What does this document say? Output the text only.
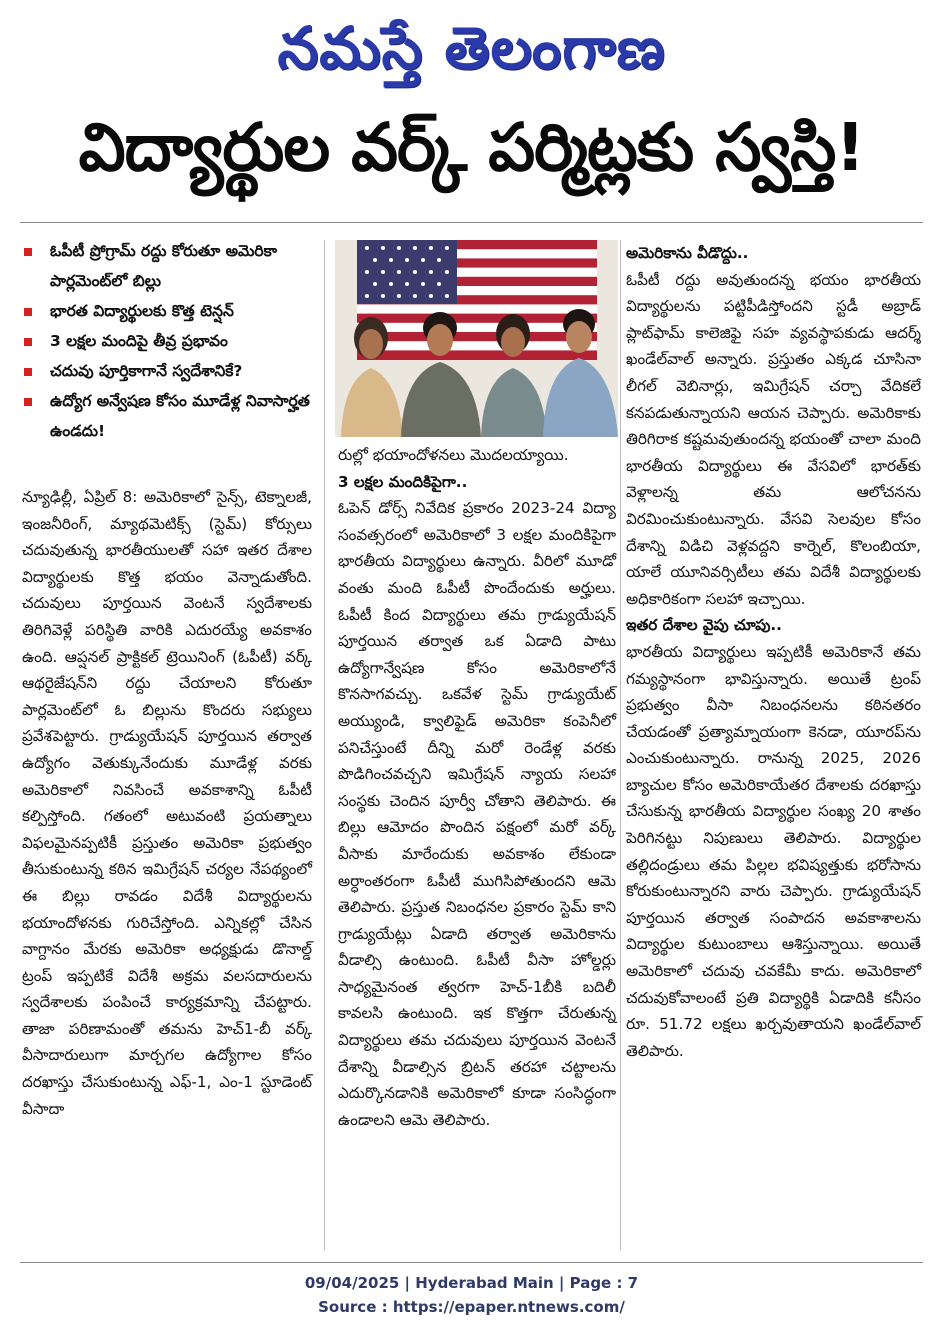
నమస్తే తెలంగాణ
విద్యార్థుల వర్క్‌ పర్మిట్లకు స్వస్తి!
ఓపీటీ ప్రోగ్రామ్‌ రద్దు కోరుతూ అమెరికా పార్లమెంట్‌లో బిల్లు
భారత విద్యార్థులకు కొత్త టెన్షన్‌
3 లక్షల మందిపై తీవ్ర ప్రభావం
చదువు పూర్తికాగానే స్వదేశానికే?
ఉద్యోగ అన్వేషణ కోసం మూడేళ్ల నివాసార్హత ఉండదు!

న్యూఢిల్లీ, ఏప్రిల్‌ 8: అమెరికాలో సైన్స్‌, టెక్నాలజీ, ఇంజనీరింగ్‌, మ్యాథమెటిక్స్‌ (స్టెమ్‌) కోర్సులు చదువుతున్న భారతీయులతో సహా ఇతర దేశాల విద్యార్థులకు కొత్త భయం వెన్నాడుతోంది. చదువులు పూర్తయిన వెంటనే స్వదేశాలకు తిరిగివెళ్లే పరిస్థితి వారికి ఎదురయ్యే అవకాశం ఉంది. ఆప్షనల్‌ ప్రాక్టికల్‌ ట్రెయినింగ్‌ (ఓపీటీ) వర్క్‌ ఆథరైజేషన్‌ని రద్దు చేయాలని కోరుతూ పార్లమెంట్‌లో ఓ బిల్లును కొందరు సభ్యులు ప్రవేశపెట్టారు. గ్రాడ్యుయేషన్‌ పూర్తయిన తర్వాత ఉద్యోగం వెతుక్కునేందుకు మూడేళ్ల వరకు అమెరికాలో నివసించే అవకాశాన్ని ఓపీటీ కల్పిస్తోంది. గతంలో అటువంటి ప్రయత్నాలు విఫలమైనప్పటికీ ప్రస్తుతం అమెరికా ప్రభుత్వం తీసుకుంటున్న కఠిన ఇమిగ్రేషన్‌ చర్యల నేపథ్యంలో ఈ బిల్లు రావడం విదేశీ విద్యార్థులను భయాందోళనకు గురిచేస్తోంది. ఎన్నికల్లో చేసిన వాగ్దానం మేరకు అమెరికా అధ్యక్షుడు డొనాల్డ్‌ ట్రంప్‌ ఇప్పటికే విదేశీ అక్రమ వలసదారులను స్వదేశాలకు పంపించే కార్యక్రమాన్ని చేపట్టారు. తాజా పరిణామంతో తమను హెచ్‌1-బీ వర్క్‌ వీసాదారులుగా మార్చగల ఉద్యోగాల కోసం దరఖాస్తు చేసుకుంటున్న ఎఫ్‌-1, ఎం-1 స్టూడెంట్‌ వీసాదా

రుల్లో భయాందోళనలు మొదలయ్యాయి.

3 లక్షల మందికిపైగా..

ఓపెన్‌ డోర్స్‌ నివేదిక ప్రకారం 2023-24 విద్యా సంవత్సరంలో అమెరికాలో 3 లక్షల మందికిపైగా భారతీయ విద్యార్థులు ఉన్నారు. వీరిలో మూడో వంతు మంది ఓపీటీ పొందేందుకు అర్హులు. ఓపీటీ కింద విద్యార్థులు తమ గ్రాడ్యుయేషన్‌ పూర్తయిన తర్వాత ఒక ఏడాది పాటు ఉద్యోగాన్వేషణ కోసం అమెరికాలోనే కొనసాగవచ్చు. ఒకవేళ స్టెమ్‌ గ్రాడ్యుయేట్‌ అయ్యుండి, క్వాలిఫైడ్‌ అమెరికా కంపెనీలో పనిచేస్తుంటే దీన్ని మరో రెండేళ్ల వరకు పొడిగించవచ్చని ఇమిగ్రేషన్‌ న్యాయ సలహా సంస్థకు చెందిన పూర్వీ చోతాని తెలిపారు. ఈ బిల్లు ఆమోదం పొందిన పక్షంలో మరో వర్క్‌ వీసాకు మారేందుకు అవకాశం లేకుండా అర్ధాంతరంగా ఓపీటీ ముగిసిపోతుందని ఆమె తెలిపారు. ప్రస్తుత నిబంధనల ప్రకారం స్టెమ్‌ కాని గ్రాడ్యుయేట్లు ఏడాది తర్వాత అమెరికాను వీడాల్సి ఉంటుంది. ఓపీటీ వీసా హోల్డర్లు సాధ్యమైనంత త్వరగా హెచ్‌-1బీకి బదిలీ కావలసి ఉంటుంది. ఇక కొత్తగా చేరుతున్న విద్యార్థులు తమ చదువులు పూర్తయిన వెంటనే దేశాన్ని వీడాల్సిన బ్రిటన్‌ తరహా చట్టాలను ఎదుర్కొనడానికి అమెరికాలో కూడా సంసిద్ధంగా ఉండాలని ఆమె తెలిపారు.

అమెరికాను వీడొద్దు..

ఓపీటీ రద్దు అవుతుందన్న భయం భారతీయ విద్యార్థులను పట్టిపీడిస్తోందని స్టడీ అబ్రాడ్‌ ప్లాట్‌ఫామ్‌ కాలెజిఫై సహ వ్యవస్థాపకుడు ఆదర్శ్‌ ఖండేల్‌వాల్‌ అన్నారు. ప్రస్తుతం ఎక్కడ చూసినా లీగల్‌ వెబినార్లు, ఇమిగ్రేషన్‌ చర్చా వేదికలే కనపడుతున్నాయని ఆయన చెప్పారు. అమెరికాకు తిరిగిరాక కష్టమవుతుందన్న భయంతో చాలా మంది భారతీయ విద్యార్థులు ఈ వేసవిలో భారత్‌కు వెళ్లాలన్న తమ ఆలోచనను విరమించుకుంటున్నారు. వేసవి సెలవుల కోసం దేశాన్ని విడిచి వెళ్లవద్దని కార్నెల్‌, కొలంబియా, యాలే యూనివర్సిటీలు తమ విదేశీ విద్యార్థులకు అధికారికంగా సలహా ఇచ్చాయి.

ఇతర దేశాల వైపు చూపు..

భారతీయ విద్యార్థులు ఇప్పటికీ అమెరికానే తమ గమ్యస్థానంగా భావిస్తున్నారు. అయితే ట్రంప్‌ ప్రభుత్వం వీసా నిబంధనలను కఠినతరం చేయడంతో ప్రత్యామ్నాయంగా కెనడా, యూరప్‌ను ఎంచుకుంటున్నారు. రానున్న 2025, 2026 బ్యాచుల కోసం అమెరికాయేతర దేశాలకు దరఖాస్తు చేసుకున్న భారతీయ విద్యార్థుల సంఖ్య 20 శాతం పెరిగినట్టు నిపుణులు తెలిపారు. విద్యార్థుల తల్లిదండ్రులు తమ పిల్లల భవిష్యత్తుకు భరోసాను కోరుకుంటున్నారని వారు చెప్పారు. గ్రాడ్యుయేషన్‌ పూర్తయిన తర్వాత సంపాదన అవకాశాలను విద్యార్థుల కుటుంబాలు ఆశిస్తున్నాయి. అయితే అమెరికాలో చదువు చవకేమీ కాదు. అమెరికాలో చదువుకోవాలంటే ప్రతి విద్యార్థికి ఏడాదికి కనీసం రూ. 51.72 లక్షలు ఖర్చవుతాయని ఖండేల్‌వాల్‌ తెలిపారు.

09/04/2025 | Hyderabad Main | Page : 7
Source : https://epaper.ntnews.com/
